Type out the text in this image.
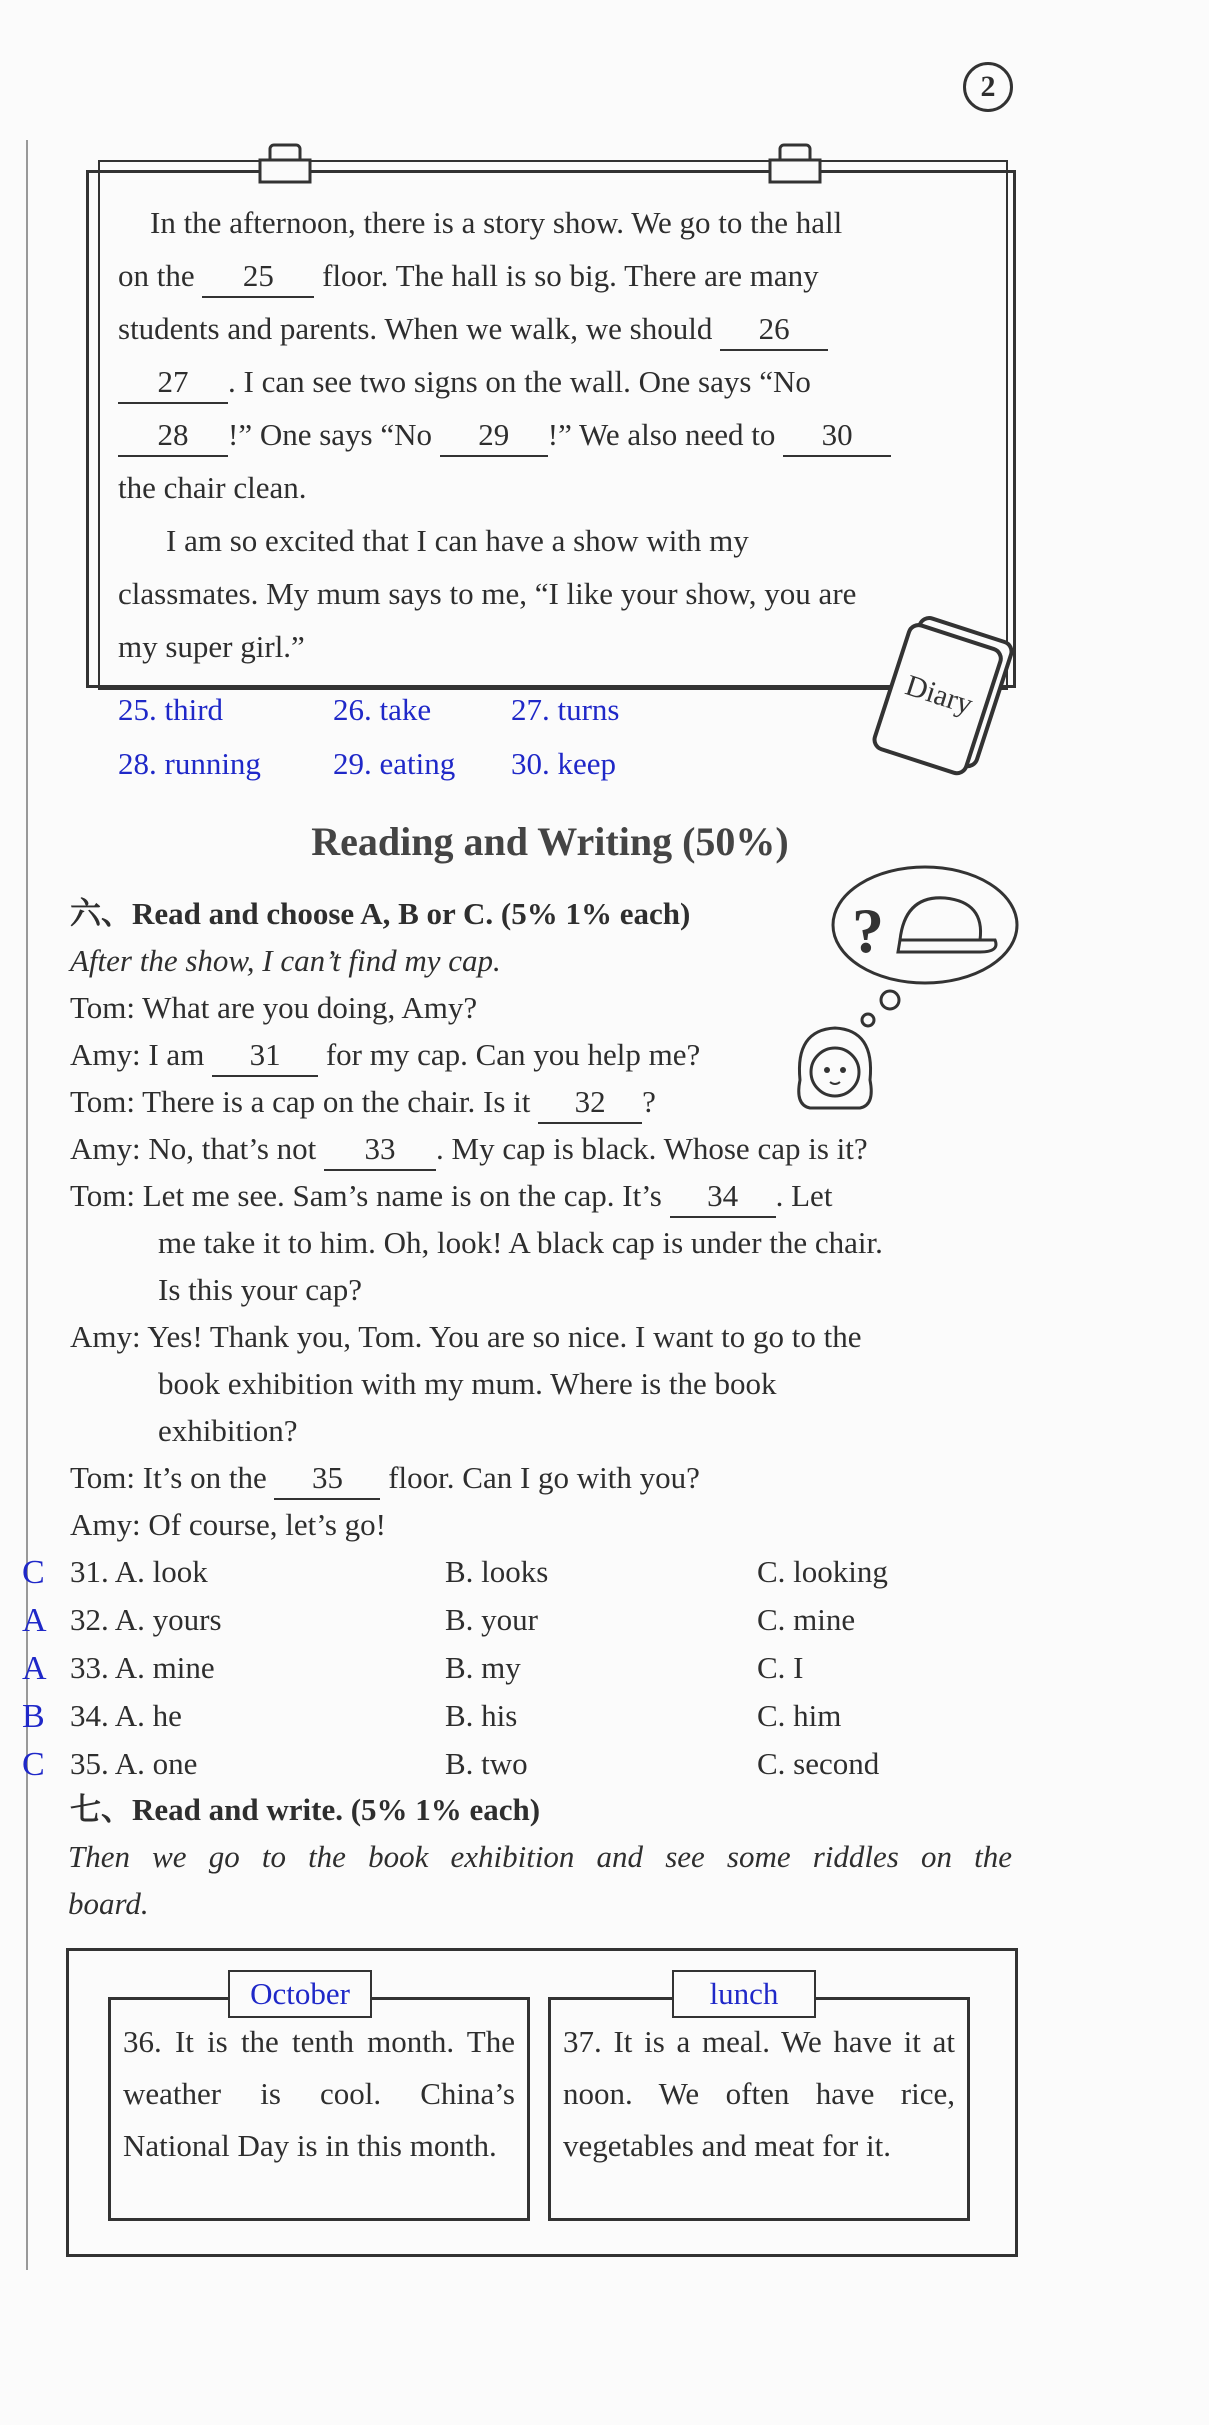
2
In the afternoon, there is a story show. We go to the hall
on the 25 floor. The hall is so big. There are many
students and parents. When we walk, we should 26
27 . I can see two signs on the wall. One says “No
28 !” One says “No 29 !” We also need to 30
the chair clean.
I am so excited that I can have a show with my
classmates. My mum says to me, “I like your show, you are
my super girl.”
Diary
25. third	26. take	27. turns
28. running 29. eating 30. keep
Reading and Writing (50%)
六、Read and choose A, B or C. (5% 1% each)
After the show, I can’t find my cap.
Tom: What are you doing, Amy?
Amy: I am 31 for my cap. Can you help me?
Tom: There is a cap on the chair. Is it 32 ?
Amy: No, that’s not 33 . My cap is black. Whose cap is it?
Tom: Let me see. Sam’s name is on the cap. It’s 34 . Let
me take it to him. Oh, look! A black cap is under the chair.
Is this your cap?
Amy: Yes! Thank you, Tom. You are so nice. I want to go to the
book exhibition with my mum. Where is the book
exhibition?
Tom: It’s on the 35 floor. Can I go with you?
Amy: Of course, let’s go!
?
C 31. A. look	B. looks	C. looking
A 32. A. yours	B. your	C. mine
A 33. A. mine	B. my	C. I
B 34. A. he	B. his	C. him
C 35. A. one	B. two	C. second
七、Read and write. (5% 1% each)
Then we go to the book exhibition and see some riddles on the
board.
36. It is the tenth month. The weather is cool. China’s National Day is in this month.
October
37. It is a meal. We have it at noon. We often have rice, vegetables and meat for it.
lunch
